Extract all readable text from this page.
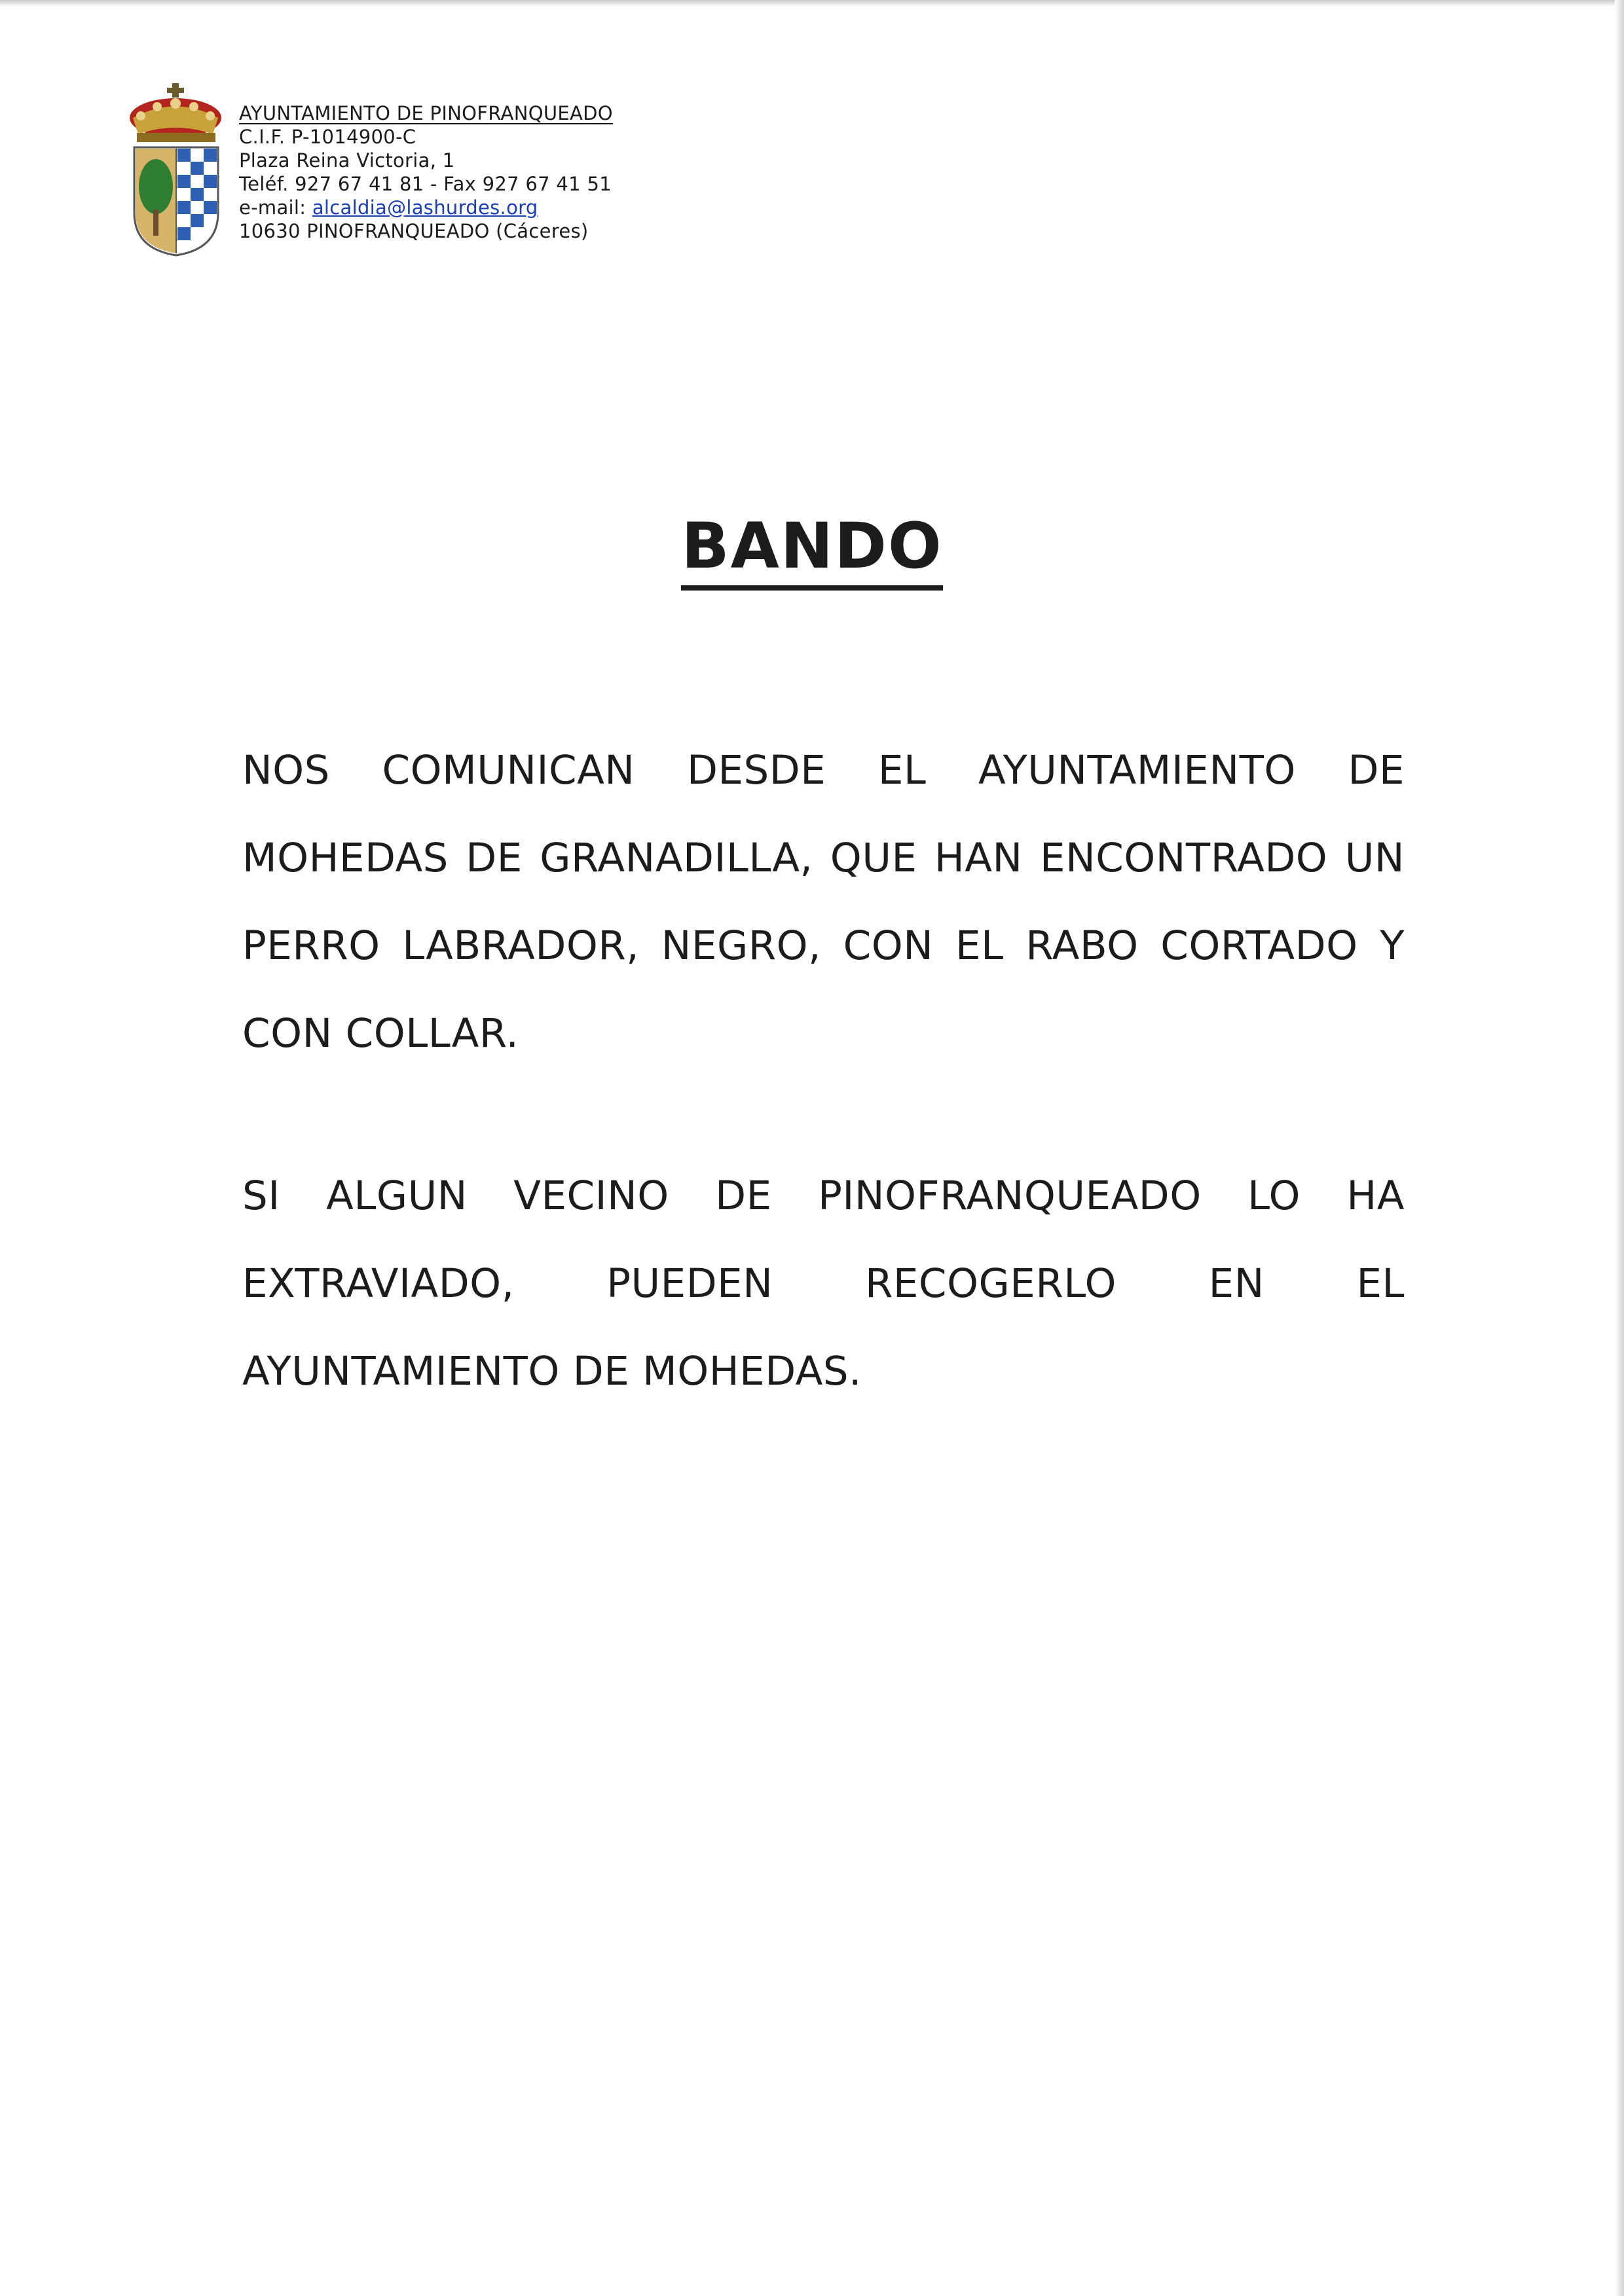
AYUNTAMIENTO DE PINOFRANQUEADO

C.I.F. P-1014900-C

Plaza Reina Victoria, 1

Teléf. 927 67 41 81 - Fax 927 67 41 51

e-mail: alcaldia@lashurdes.org

10630 PINOFRANQUEADO (Cáceres)

BANDO

NOS COMUNICAN DESDE EL AYUNTAMIENTO DE MOHEDAS DE GRANADILLA, QUE HAN ENCONTRADO UN PERRO LABRADOR, NEGRO, CON EL RABO CORTADO Y CON COLLAR.

SI ALGUN VECINO DE PINOFRANQUEADO LO HA EXTRAVIADO, PUEDEN RECOGERLO EN EL AYUNTAMIENTO DE MOHEDAS.
